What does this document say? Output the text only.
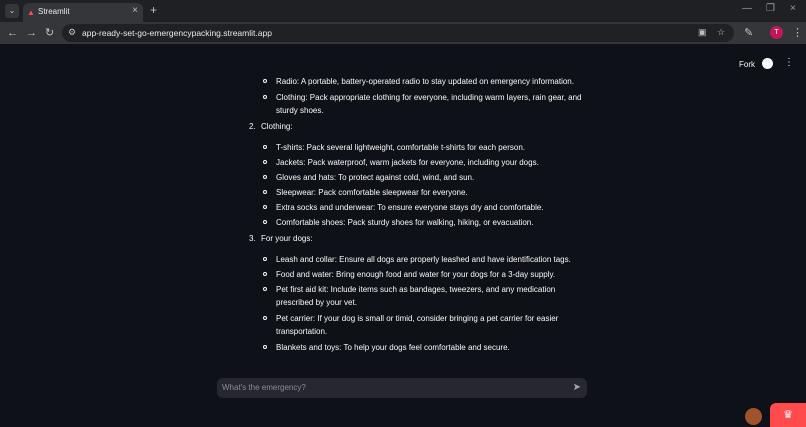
⌄	▲ Streamlit	× +	— ❐ ×
← → ↻ ⚙ app-ready-set-go-emergencypacking.streamlit.app	▣ ☆ ✎	T	⋮
Fork	⋮
Radio: A portable, battery-operated radio to stay updated on emergency information.
Clothing: Pack appropriate clothing for everyone, including warm layers, rain gear, and
sturdy shoes.
2. Clothing:
T-shirts: Pack several lightweight, comfortable t-shirts for each person.
Jackets: Pack waterproof, warm jackets for everyone, including your dogs.
Gloves and hats: To protect against cold, wind, and sun.
Sleepwear: Pack comfortable sleepwear for everyone.
Extra socks and underwear: To ensure everyone stays dry and comfortable.
Comfortable shoes: Pack sturdy shoes for walking, hiking, or evacuation.
3. For your dogs:
Leash and collar: Ensure all dogs are properly leashed and have identification tags.
Food and water: Bring enough food and water for your dogs for a 3-day supply.
Pet first aid kit: Include items such as bandages, tweezers, and any medication
prescribed by your vet.
Pet carrier: If your dog is small or timid, consider bringing a pet carrier for easier
transportation.
Blankets and toys: To help your dogs feel comfortable and secure.
What's the emergency?	➤
♛
